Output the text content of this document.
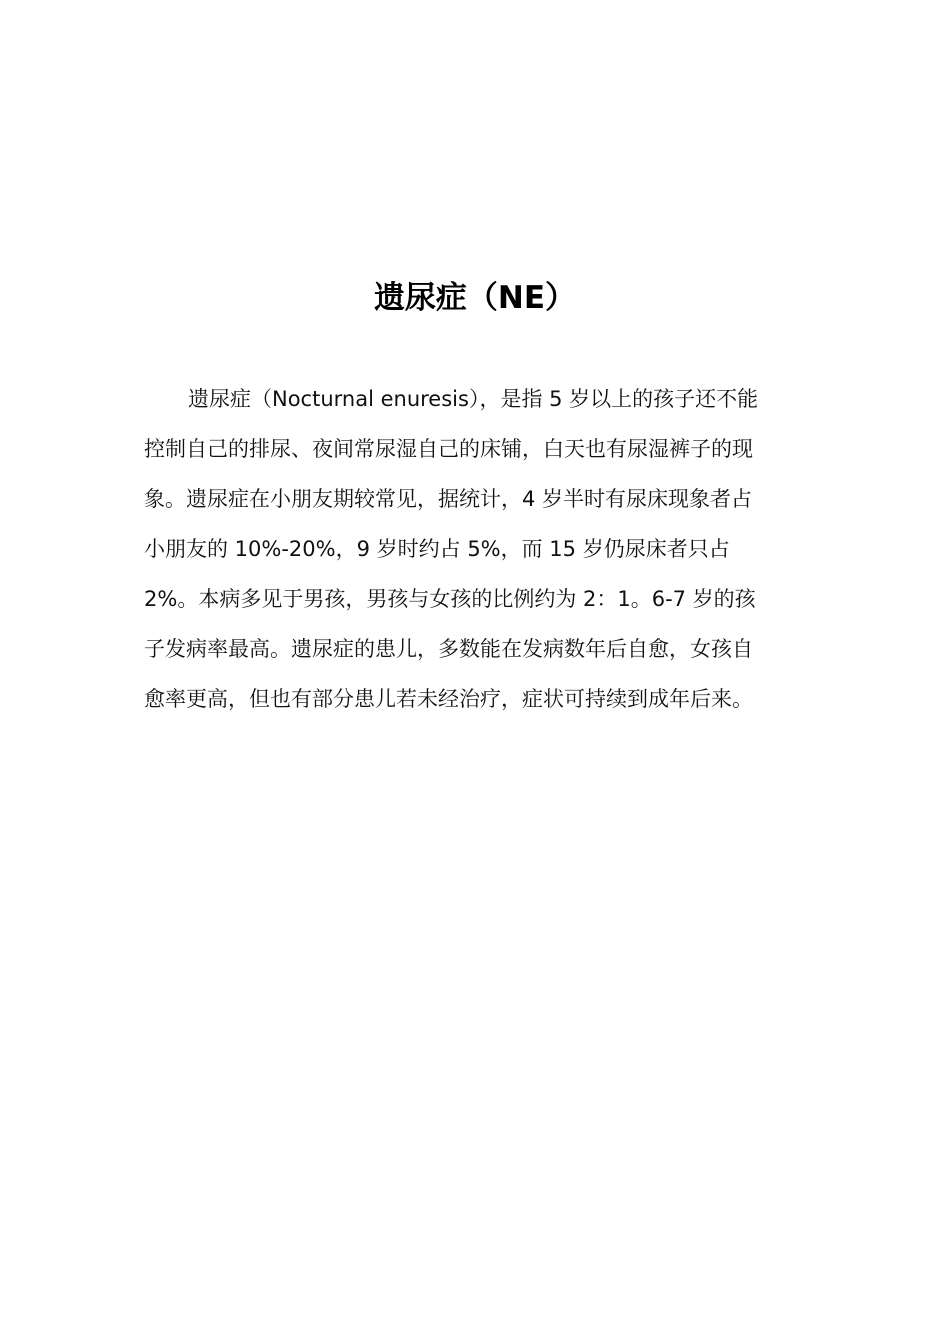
遗尿症（NE）
遗尿症（Nocturnal enuresis），是指 5 岁以上的孩子还不能
控制自己的排尿、夜间常尿湿自己的床铺，白天也有尿湿裤子的现
象。遗尿症在小朋友期较常见，据统计，4 岁半时有尿床现象者占
小朋友的 10%-20%，9 岁时约占 5%，而 15 岁仍尿床者只占
2%。本病多见于男孩，男孩与女孩的比例约为 2：1。6-7 岁的孩
子发病率最高。遗尿症的患儿，多数能在发病数年后自愈，女孩自
愈率更高，但也有部分患儿若未经治疗，症状可持续到成年后来。
